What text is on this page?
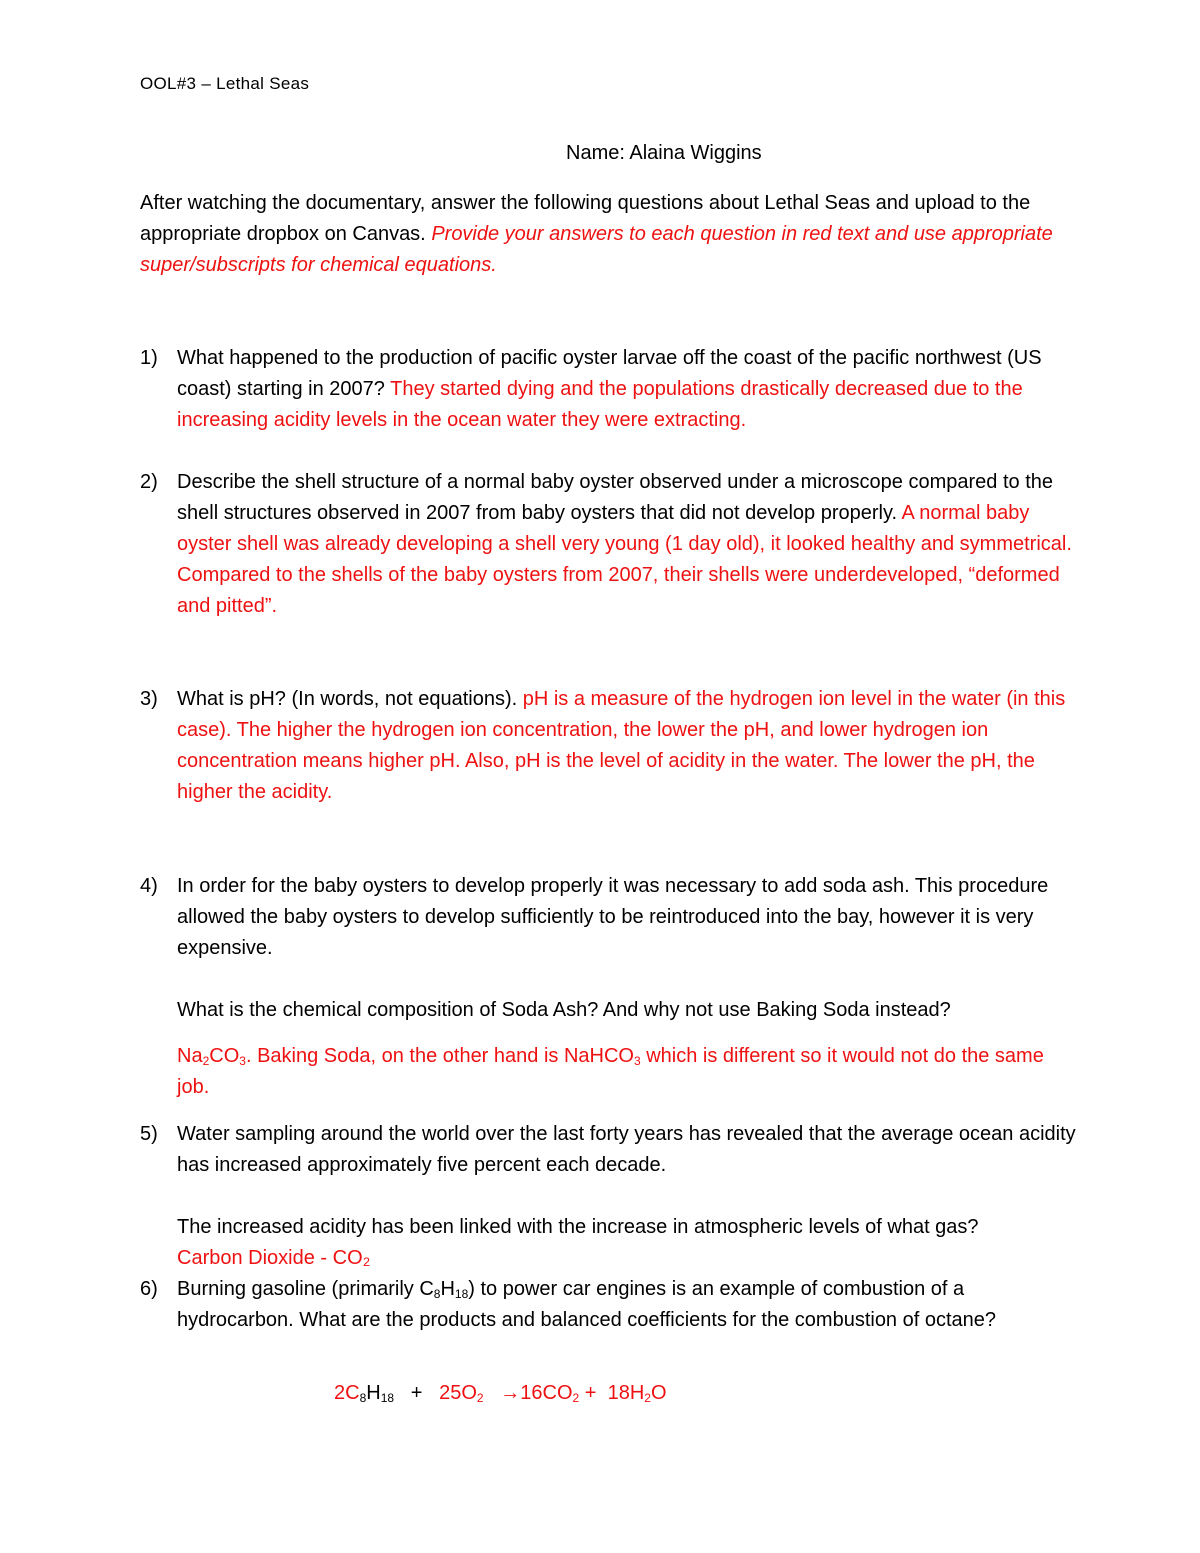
OOL#3 – Lethal Seas
Name: Alaina Wiggins
After watching the documentary, answer the following questions about Lethal Seas and upload to the appropriate dropbox on Canvas. Provide your answers to each question in red text and use appropriate super/subscripts for chemical equations.
1) What happened to the production of pacific oyster larvae off the coast of the pacific northwest (US coast) starting in 2007? They started dying and the populations drastically decreased due to the increasing acidity levels in the ocean water they were extracting.
2) Describe the shell structure of a normal baby oyster observed under a microscope compared to the shell structures observed in 2007 from baby oysters that did not develop properly. A normal baby oyster shell was already developing a shell very young (1 day old), it looked healthy and symmetrical. Compared to the shells of the baby oysters from 2007, their shells were underdeveloped, “deformed and pitted”.
3) What is pH? (In words, not equations). pH is a measure of the hydrogen ion level in the water (in this case). The higher the hydrogen ion concentration, the lower the pH, and lower hydrogen ion concentration means higher pH. Also, pH is the level of acidity in the water. The lower the pH, the higher the acidity.
4) In order for the baby oysters to develop properly it was necessary to add soda ash. This procedure allowed the baby oysters to develop sufficiently to be reintroduced into the bay, however it is very expensive.
What is the chemical composition of Soda Ash? And why not use Baking Soda instead?
$Na_2CO_3$. Baking Soda, on the other hand is NaHCO$_3$ which is different so it would not do the same job.
5) Water sampling around the world over the last forty years has revealed that the average ocean acidity has increased approximately five percent each decade.
The increased acidity has been linked with the increase in atmospheric levels of what gas?
Carbon Dioxide - CO₂
6) Burning gasoline (primarily $C_8H_{18}$) to power car engines is an example of combustion of a hydrocarbon. What are the products and balanced coefficients for the combustion of octane?
$2C_8H_{18} + 25O_2 \to 16CO_2 + 18H_2O$
